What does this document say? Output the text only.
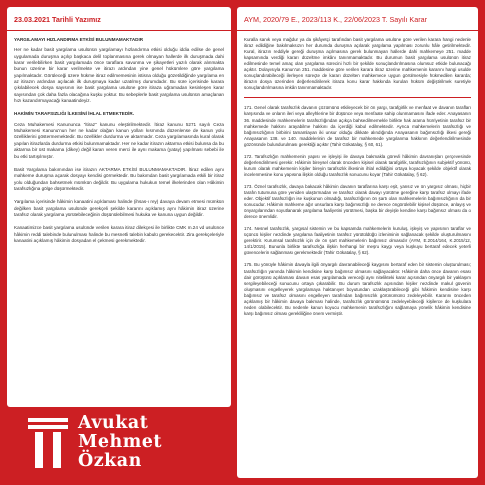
23.03.2021 Tarihli Yazımız

YARGILAMAYI HIZLANDIRMA ETKİSİ BULUNMAMAKTADIR

Her ne kadar basit yargılama usulünün yargılamayı hızlandırma etkisi olduğu iddia edilse de genel uygulamada duruşma açılıp başkaca delil toplanmasına gerek olmayan hallerde ilk duruşmada dahi karar verilebilirken basit yargılamada önce taraflara savunma ve şikayetleri yazılı olarak alınmakta bunun üzerine bir karar verilmekte ve itirazı ardından yine genel hükümlere göre yargılama yapılmaktadır. Görüleceği üzere hükme itiraz edilmemesinin istisna olduğu gözetildiğinde yargılama en az itirazın ardından açılacak ilk duruşmaya kadar uzatılmış durumdadır. Bu süre içerisinde karara çıkılabilecek dosya sayısının ise basit yargılama usulüne göre itiraza uğramadan kesinleşen karar sayısından çok daha fazla olacağına kuşku yoktur. Bu sebeplerle basit yargılama usulünün amaçlanan hızı kazandırmayacağı kanaatindeyiz.

HAKİMİN TARAFSIZLIĞI İLKESİNİ İHLAL ETMEKTEDİR.

Ceza Muhakemesi Kanununca "itiraz" kanunu eleştirilmektedir. İtiraz kanunu 5271 sayılı Ceza Muhakemesi Kanunu'nun her ne kadar olağan kanun yolları kısmında düzenlense de kanun yolu özelliklerini göstermemektedir. Bu özellikler durdurma ve aktarmadır. Ceza yargılamasında kural olarak yapılan itirazlarda durdurma etkisi bulunmamaktadır. Her ne kadar itirazın aktarma etkisi bulunsa da bu aktarma bir üst makama (dikey) değil kararı veren merci ile aynı makama (yatay) yapılması sebebi ile bu etki tartışılmıştır.

Basit Yargılama bakımından ise itirazın AKTARMA ETKİSİ BULUNMAMAKTADIR. İtiraz edilen aynı mahkeme duruşma açarak dosyayı kendisi görmektedir. Bu bakımdan basit yargılamada etkili bir itiraz yolu olduğundan bahsetmek mümkün değildir. Bu uygulama hukukun temel ilkelerinden olan Hâkimin tarafsızlığına gölge düşürmektedir.

Yargılama içerisinde hâkimin kanaatini açıklaması halinde (ihsas-ı rey) davaya devam etmesi mümkün değilken basit yargılama usulünde gerekçeli şekilde kararını açıklamış aynı hâkimin itiraz üzerine tarafsız olarak yargılama yürütebileceğinin düşünülebilmesi hukuka ve kanuna uygun değildir.

Kanaatimizce basit yargılama usulünde verilen karara itiraz dilekçesi ile birlikte CMK m.24 vd usulünce hâkimin reddi talebinde bulunulması halinde bu mesnetli talebin kabulü gerekecektir. Zira gerekçeleriyle kanaatini açıklamış hâkimin dosyadan el çekmesi gerekmektedir.

AYM, 2020/79 E., 2023/113 K., 22/06/2023 T. Sayılı Karar

Kuralla sanık veya mağdur ya da şikâyetçi tarafından basit yargılama usulüne göre verilen karara hangi nedenle itiraz edildiğine bakılmaksızın her durumda duruşma açılarak yargılama yapılması zorunlu hâle getirilmektedir. Kural, itirazın reddiyle gereği duruşma açılmasına gerek bulunmayan hallerde dahi mahkemeye 251. madde kapsamında verdiği kararı düzeltme imkânı tanınmamaktadır. Bu durumun basit yargılama usulünün itiraz edilmesinde temel amaç olan yargılama sürecini hızlı bir şekilde sonuçlandırılmasına olumsuz etkide bulunacağı açıktır. Dolayısıyla Kanun'un 251. maddesine göre verilen karara itiraz üzerine mahkemenin kararını hangi usulde sonuçlandırabileceği ilerleyen süreçte de kararı düzelten mahkemece uygun görülmesiyle hükmedilen kararda; itirazın dosya üzerinden değerlendirilerek itiraza konu karar hakkında kurulan hüküm değiştirilmek suretiyle sonuçlandırılmasına imkân tanınmamaktadır.

171. Genel olarak tarafsızlık davanın çözümünü etkileyecek bir ön yargı, tarafgirlik ve menfaat ve davanın tarafları karşısında ve onların ileri veya alleyhlerine bir düşünce veya menfaate sahip olunmamasını ifade eder. Anayasanın 36. maddesinde mahkemelerin tarafsızlığından açıkça bahsedilmemekle birlikte hak arama hürriyetinin tarafsız bir mahkemede hakkını arayabilme hakkını da içerdiği kabul edilmektedir. Ayrıca mahkemelerin tarafsızlığı ve bağımsızlığının birbirini tamamlayan iki unsur olduğu dikkate alındığında Anayasanın bağımsızlığı ilkesi gereği Anayasanın 138. ve 140. maddelerinin de tarafsız bir mahkemede yargılanma hakkının değerlendirilmesinde gözönünde bulundurulması gerektiği açıktır (Tahir Gökatalay, § 60, 61).

172. Tarafsızlığın mahkemenin yapısı ve işleyişi ile davaya bakmakla görevli hâkimin davranışları çerçevesinde değerlendirilmesi gerekir. Hâkimin bireysel olarak önceden kişisel olarak tarafgirlik, tarafsızlığının subjektif yönünü, kurum olarak mahkemenin kişiler bireyin tarafsızlık ilkesinin ihlal edildiğini ortaya koyacak şekilde objektif olarak incelenmesine konu yapısına ilişkin olduğu tarafsızlık sonucunu koyar (Tahir Gökatalay, § 62).

173. Öznel tarafsızlık, davaya bakacak hâkimin davanın taraflarına karşı eşit, yansız ve ön yargısız olması, hiçbir tarafın tutumuna göre yeniden ulaştırmadan ve tarafsız olarak davayı yürütme gereğine karşı tarafsız olmayı ifade eder. Objektif tarafsızlığın ise kuşkunun olmadığı, tarafsızlığının ön şartı olan mahkemelerin bağımsızlığının da bir sonucudur. Hâkimin mahkeme ağır unsurlara karşı bağımsızlığı ne derece öngörülebilir kişisel düşünce, anlayış ve önyargılarından soyutlanarak yargılama faaliyetini yürütmesi, başka bir deyişle kendine karşı bağımsız olması da o derece önemlidir.

174. Nesnel tarafsızlık, yargısal sistemin ve bu kapsamda mahkemelerin kuruluş, işleyiş ve yapısının taraflar ve üçüncü kişiler nezdinde yargılama faaliyetinin tarafsız yürütüldüğü izleniminin sağlanacak şekilde oluşturulmasını gerektirir. Kurumsal tarafsızlık için de ön şart mahkemelerin bağımsız olmasıdır (AYM, E.2014/164, K.2015/12, 14/1/2015). Bununla birlikte tarafsızlığa ilişkin herhangi bir meşru kaygı veya kuşkuyu bertaraf edecek yeterli güvencelerin sağlanması gerekmektedir (Tahir Gökatalay, § 62).

175. Bu yönüyle hâkimin davayla ilgili önyargılı davranabileceği kaygısını bertaraf eden bir sistemin oluşturulması; tarafsızlığın yanında hâkimin kendisine karşı bağımsız olmasını sağlayacaktır. Hâkimin daha önce davanın esası dair görüşünü açıklaması davaın esas yargılamada vereceği aynı nitelikteki karar açısından önyargılı bir yaklaşım sergileyebileceği sonucunu ortaya çıkarabilir. Bu durum tarafsızlık açısından kişiler nezdinde makul güvenin oluşmasını engelleyerek yargılamaya haktanıyet boyutundan uzaklaştırabileceği gibi hâkimin kendisine karşı bağımsız ve tarafsız olmasını engelleyen tarafından bağımsızlık görünümünü zedeleyebilir. Kararını önceden açıklamış bir hâkimin davaya bakması halinde, tarafsızlık görünümünü zedeleyebileceği kişilerce de kuşkulara neden olabilecektir. Bu nedenle kanun koyucu mahkemenin tarafsızlığını sağlamaya yönelik hâkimin kendisine karşı bağımsız olması gerekliliğine önem vermiştir.

Avukat
Mehmet
Özkan
